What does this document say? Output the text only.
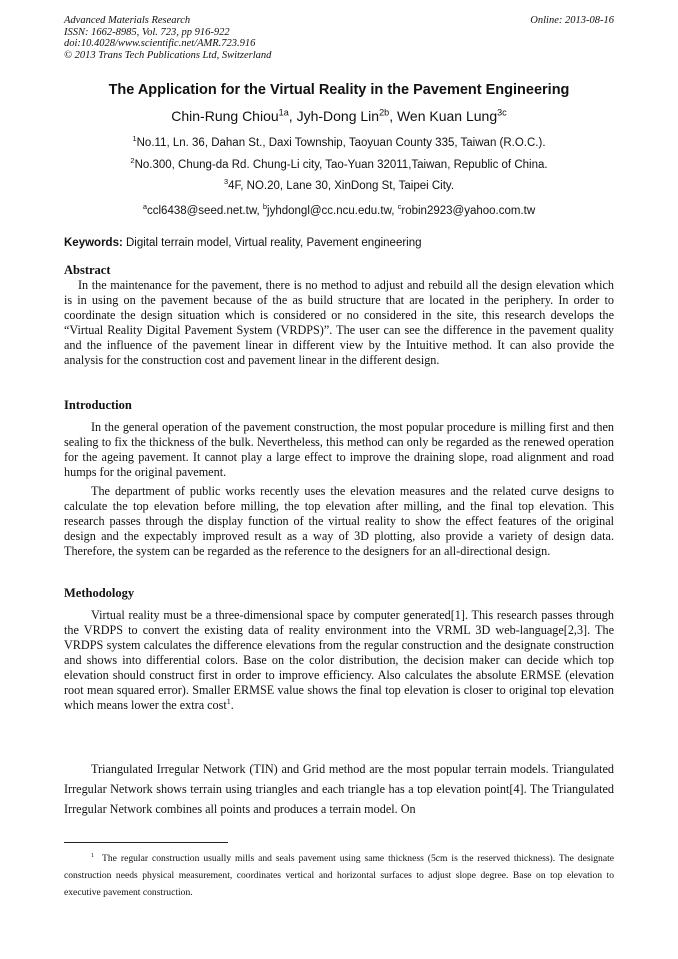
Advanced Materials Research
ISSN: 1662-8985, Vol. 723, pp 916-922
doi:10.4028/www.scientific.net/AMR.723.916
© 2013 Trans Tech Publications Ltd, Switzerland
Online: 2013-08-16
The Application for the Virtual Reality in the Pavement Engineering
Chin-Rung Chiou$^{1a}$, Jyh-Dong Lin$^{2b}$, Wen Kuan Lung$^{3c}$
$^1$No.11, Ln. 36, Dahan St., Daxi Township, Taoyuan County 335, Taiwan (R.O.C.).
$^2$No.300, Chung-da Rd. Chung-Li city, Tao-Yuan 32011,Taiwan, Republic of China.
$^3$4F, NO.20, Lane 30, XinDong St, Taipei City.
$^a$ccl6438@seed.net.tw, $^b$jyhdongl@cc.ncu.edu.tw, $^c$robin2923@yahoo.com.tw
Keywords: Digital terrain model, Virtual reality, Pavement engineering
Abstract
In the maintenance for the pavement, there is no method to adjust and rebuild all the design elevation which is in using on the pavement because of the as build structure that are located in the periphery. In order to coordinate the design situation which is considered or no considered in the site, this research develops the “Virtual Reality Digital Pavement System (VRDPS)”. The user can see the difference in the pavement quality and the influence of the pavement linear in different view by the Intuitive method. It can also provide the analysis for the construction cost and pavement linear in the different design.
Introduction
In the general operation of the pavement construction, the most popular procedure is milling first and then sealing to fix the thickness of the bulk. Nevertheless, this method can only be regarded as the renewed operation for the ageing pavement. It cannot play a large effect to improve the draining slope, road alignment and road humps for the original pavement.
The department of public works recently uses the elevation measures and the related curve designs to calculate the top elevation before milling, the top elevation after milling, and the final top elevation. This research passes through the display function of the virtual reality to show the effect features of the original design and the expectably improved result as a way of 3D plotting, also provide a variety of design data. Therefore, the system can be regarded as the reference to the designers for an all-directional design.
Methodology
Virtual reality must be a three-dimensional space by computer generated[1]. This research passes through the VRDPS to convert the existing data of reality environment into the VRML 3D web-language[2,3]. The VRDPS system calculates the difference elevations from the regular construction and the designate construction and shows into differential colors. Base on the color distribution, the decision maker can decide which top elevation should construct first in order to improve efficiency. Also calculates the absolute ERMSE (elevation root mean squared error). Smaller ERMSE value shows the final top elevation is closer to original top elevation which means lower the extra cost$^1$.
Triangulated Irregular Network (TIN) and Grid method are the most popular terrain models. Triangulated Irregular Network shows terrain using triangles and each triangle has a top elevation point[4]. The Triangulated Irregular Network combines all points and produces a terrain model. On
$^1$ The regular construction usually mills and seals pavement using same thickness (5cm is the reserved thickness). The designate construction needs physical measurement, coordinates vertical and horizontal surfaces to adjust slope degree. Base on top elevation to executive pavement construction.
